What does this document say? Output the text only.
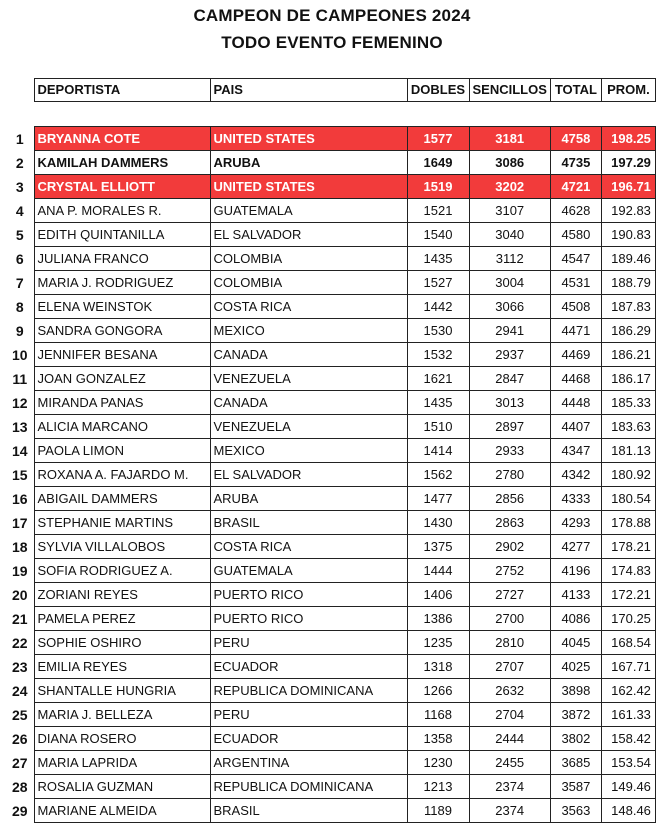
CAMPEON DE CAMPEONES 2024
TODO EVENTO FEMENINO
	DEPORTISTA	PAIS	DOBLES	SENCILLOS	TOTAL	PROM.

1	BRYANNA COTE	UNITED STATES	1577	3181	4758	198.25
2	KAMILAH DAMMERS	ARUBA	1649	3086	4735	197.29
3	CRYSTAL ELLIOTT	UNITED STATES	1519	3202	4721	196.71
4	ANA P. MORALES R.	GUATEMALA	1521	3107	4628	192.83
5	EDITH QUINTANILLA	EL SALVADOR	1540	3040	4580	190.83
6	JULIANA FRANCO	COLOMBIA	1435	3112	4547	189.46
7	MARIA J. RODRIGUEZ	COLOMBIA	1527	3004	4531	188.79
8	ELENA WEINSTOK	COSTA RICA	1442	3066	4508	187.83
9	SANDRA GONGORA	MEXICO	1530	2941	4471	186.29
10	JENNIFER BESANA	CANADA	1532	2937	4469	186.21
11	JOAN GONZALEZ	VENEZUELA	1621	2847	4468	186.17
12	MIRANDA PANAS	CANADA	1435	3013	4448	185.33
13	ALICIA MARCANO	VENEZUELA	1510	2897	4407	183.63
14	PAOLA LIMON	MEXICO	1414	2933	4347	181.13
15	ROXANA A. FAJARDO M.	EL SALVADOR	1562	2780	4342	180.92
16	ABIGAIL DAMMERS	ARUBA	1477	2856	4333	180.54
17	STEPHANIE MARTINS	BRASIL	1430	2863	4293	178.88
18	SYLVIA VILLALOBOS	COSTA RICA	1375	2902	4277	178.21
19	SOFIA RODRIGUEZ A.	GUATEMALA	1444	2752	4196	174.83
20	ZORIANI REYES	PUERTO RICO	1406	2727	4133	172.21
21	PAMELA PEREZ	PUERTO RICO	1386	2700	4086	170.25
22	SOPHIE OSHIRO	PERU	1235	2810	4045	168.54
23	EMILIA REYES	ECUADOR	1318	2707	4025	167.71
24	SHANTALLE HUNGRIA	REPUBLICA DOMINICANA	1266	2632	3898	162.42
25	MARIA J. BELLEZA	PERU	1168	2704	3872	161.33
26	DIANA ROSERO	ECUADOR	1358	2444	3802	158.42
27	MARIA LAPRIDA	ARGENTINA	1230	2455	3685	153.54
28	ROSALIA GUZMAN	REPUBLICA DOMINICANA	1213	2374	3587	149.46
29	MARIANE ALMEIDA	BRASIL	1189	2374	3563	148.46
